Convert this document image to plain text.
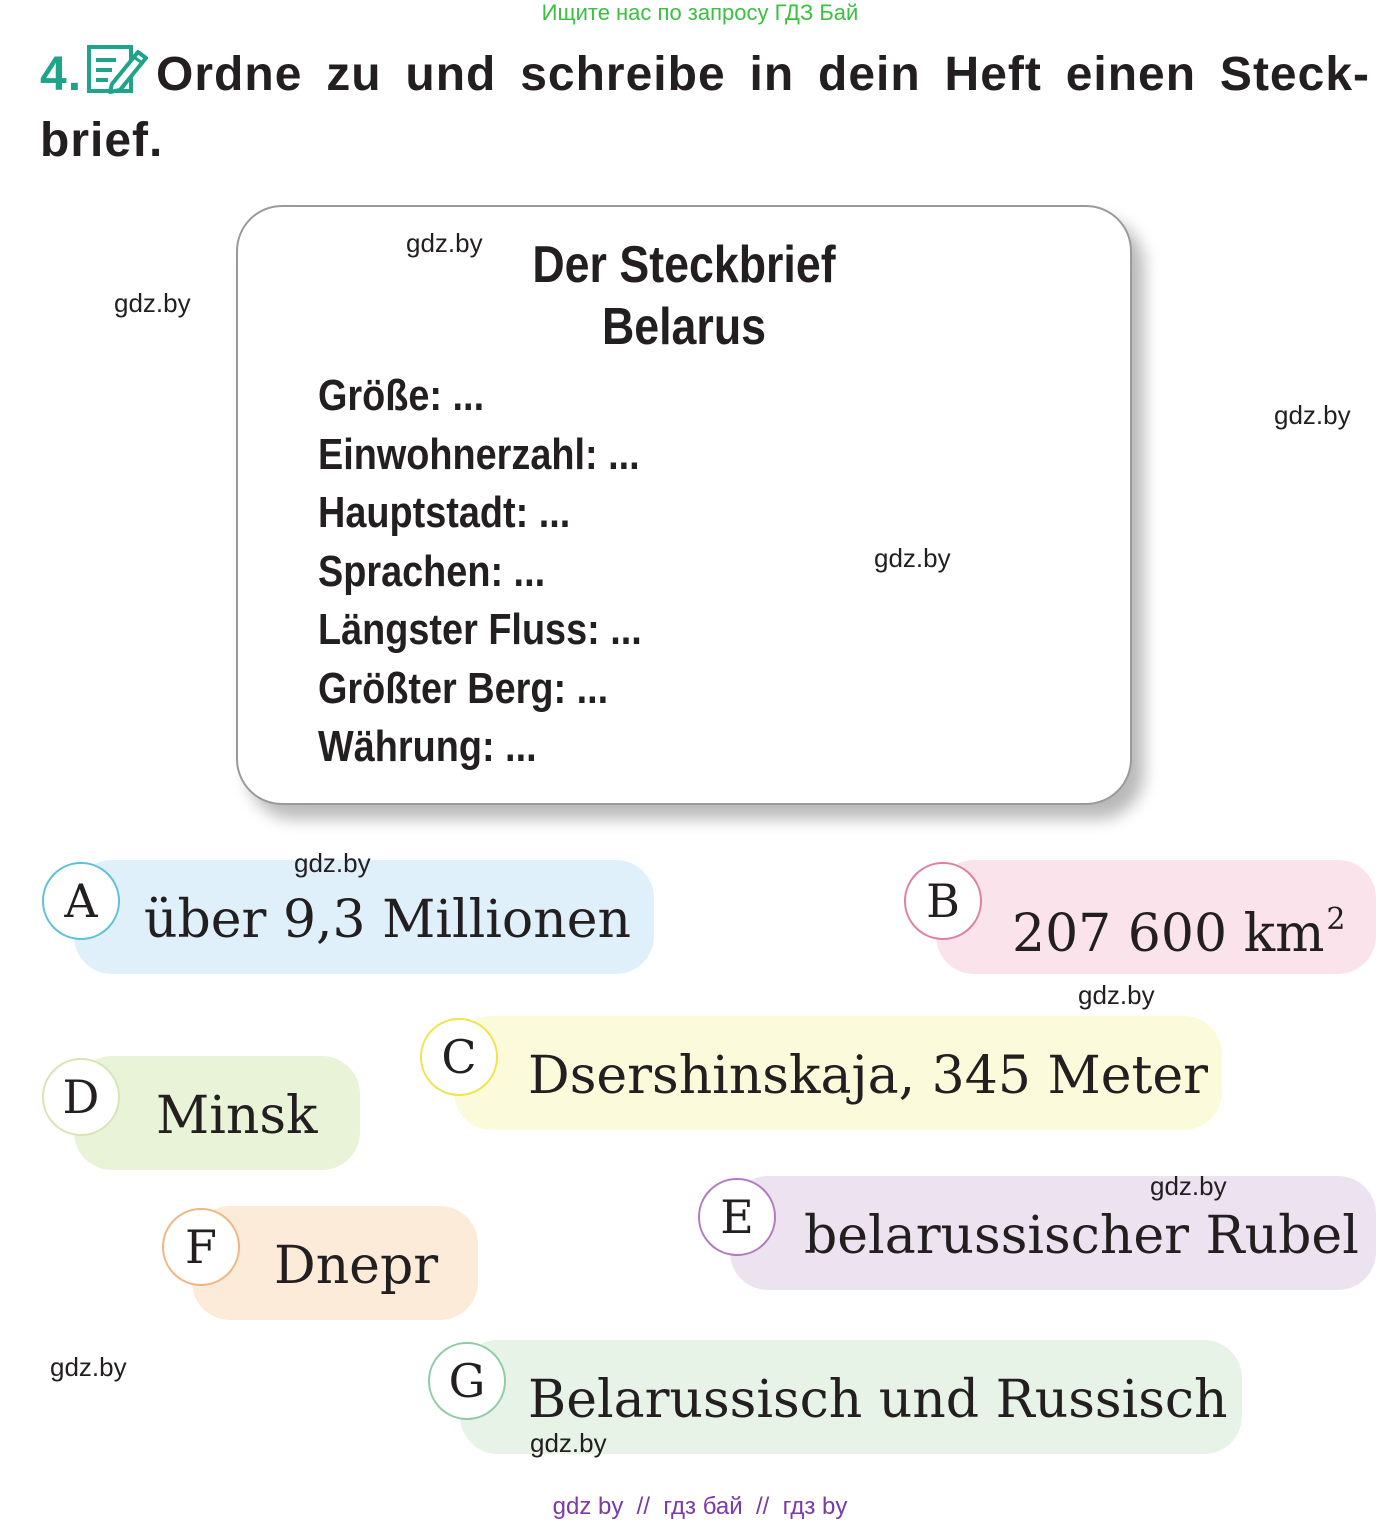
Ищите нас по запросу ГДЗ Бай
4. Ordne zu und schreibe in dein Heft einen Steck-brief.
Der Steckbrief
Belarus
Größe: ...
Einwohnerzahl: ...
Hauptstadt: ...
Sprachen: ...
Längster Fluss: ...
Größter Berg: ...
Währung: ...
über 9,3 Millionen
A
207 600 $km^2$
B
Dsershinskaja, 345 Meter
C
Minsk
D
belarussischer Rubel
E
Dnepr
F
Belarussisch und Russisch
G
gdz.by
gdz.by
gdz.by
gdz.by
gdz.by
gdz.by
gdz.by
gdz.by
gdz.by
gdz by  //  гдз бай  //  гдз by
